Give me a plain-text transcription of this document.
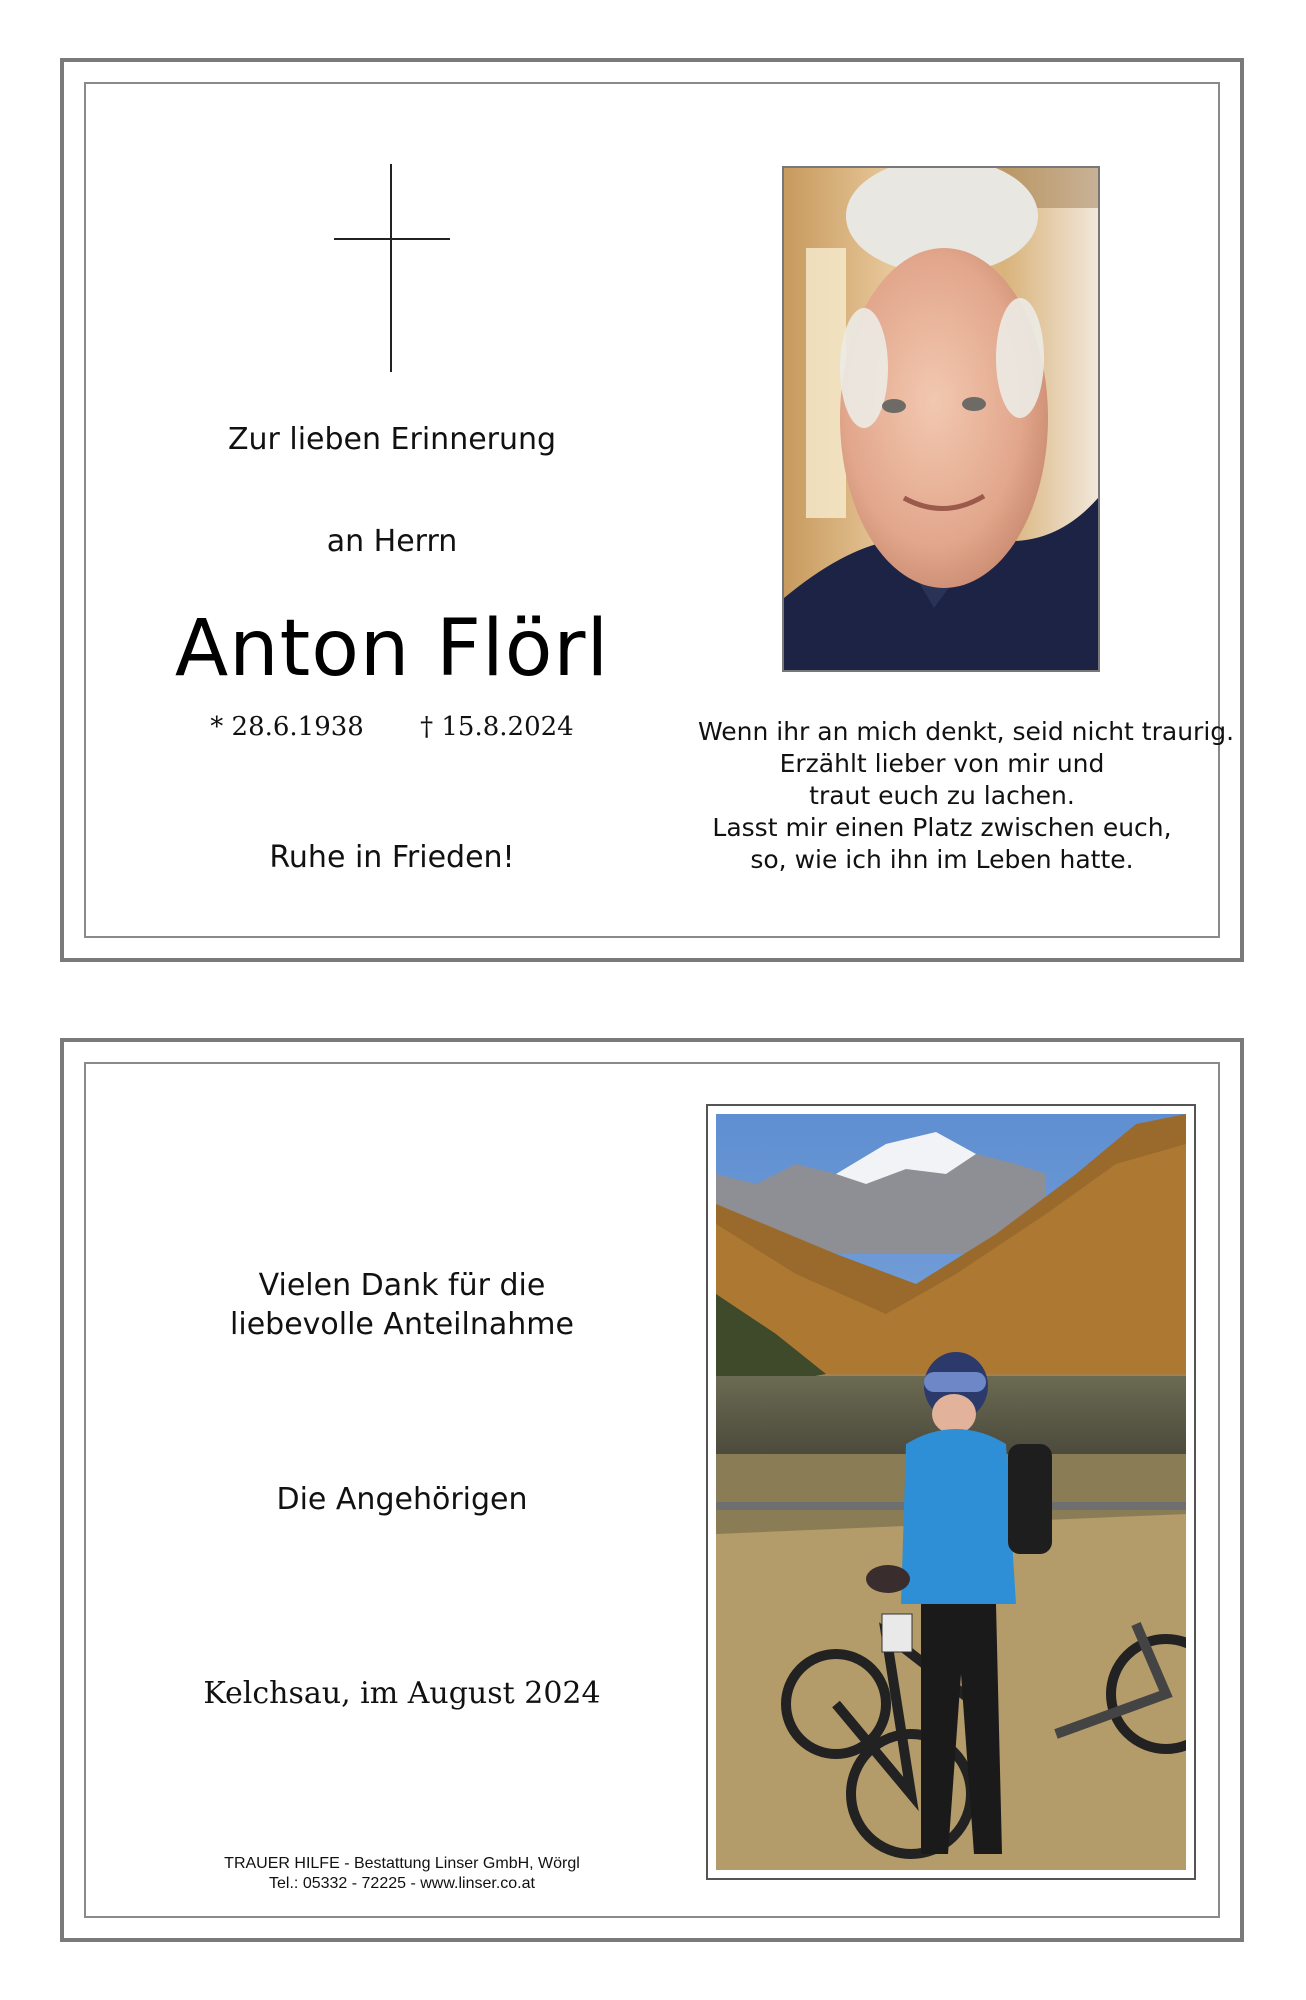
Zur lieben Erinnerung
an Herrn
Anton Flörl
* 28.6.1938 † 15.8.2024
Ruhe in Frieden!
Wenn ihr an mich denkt, seid nicht traurig.
Erzählt lieber von mir und
traut euch zu lachen.
Lasst mir einen Platz zwischen euch,
so, wie ich ihn im Leben hatte.
Vielen Dank für die
liebevolle Anteilnahme
Die Angehörigen
Kelchsau, im August 2024
TRAUER HILFE - Bestattung Linser GmbH, Wörgl
Tel.: 05332 - 72225 - www.linser.co.at
